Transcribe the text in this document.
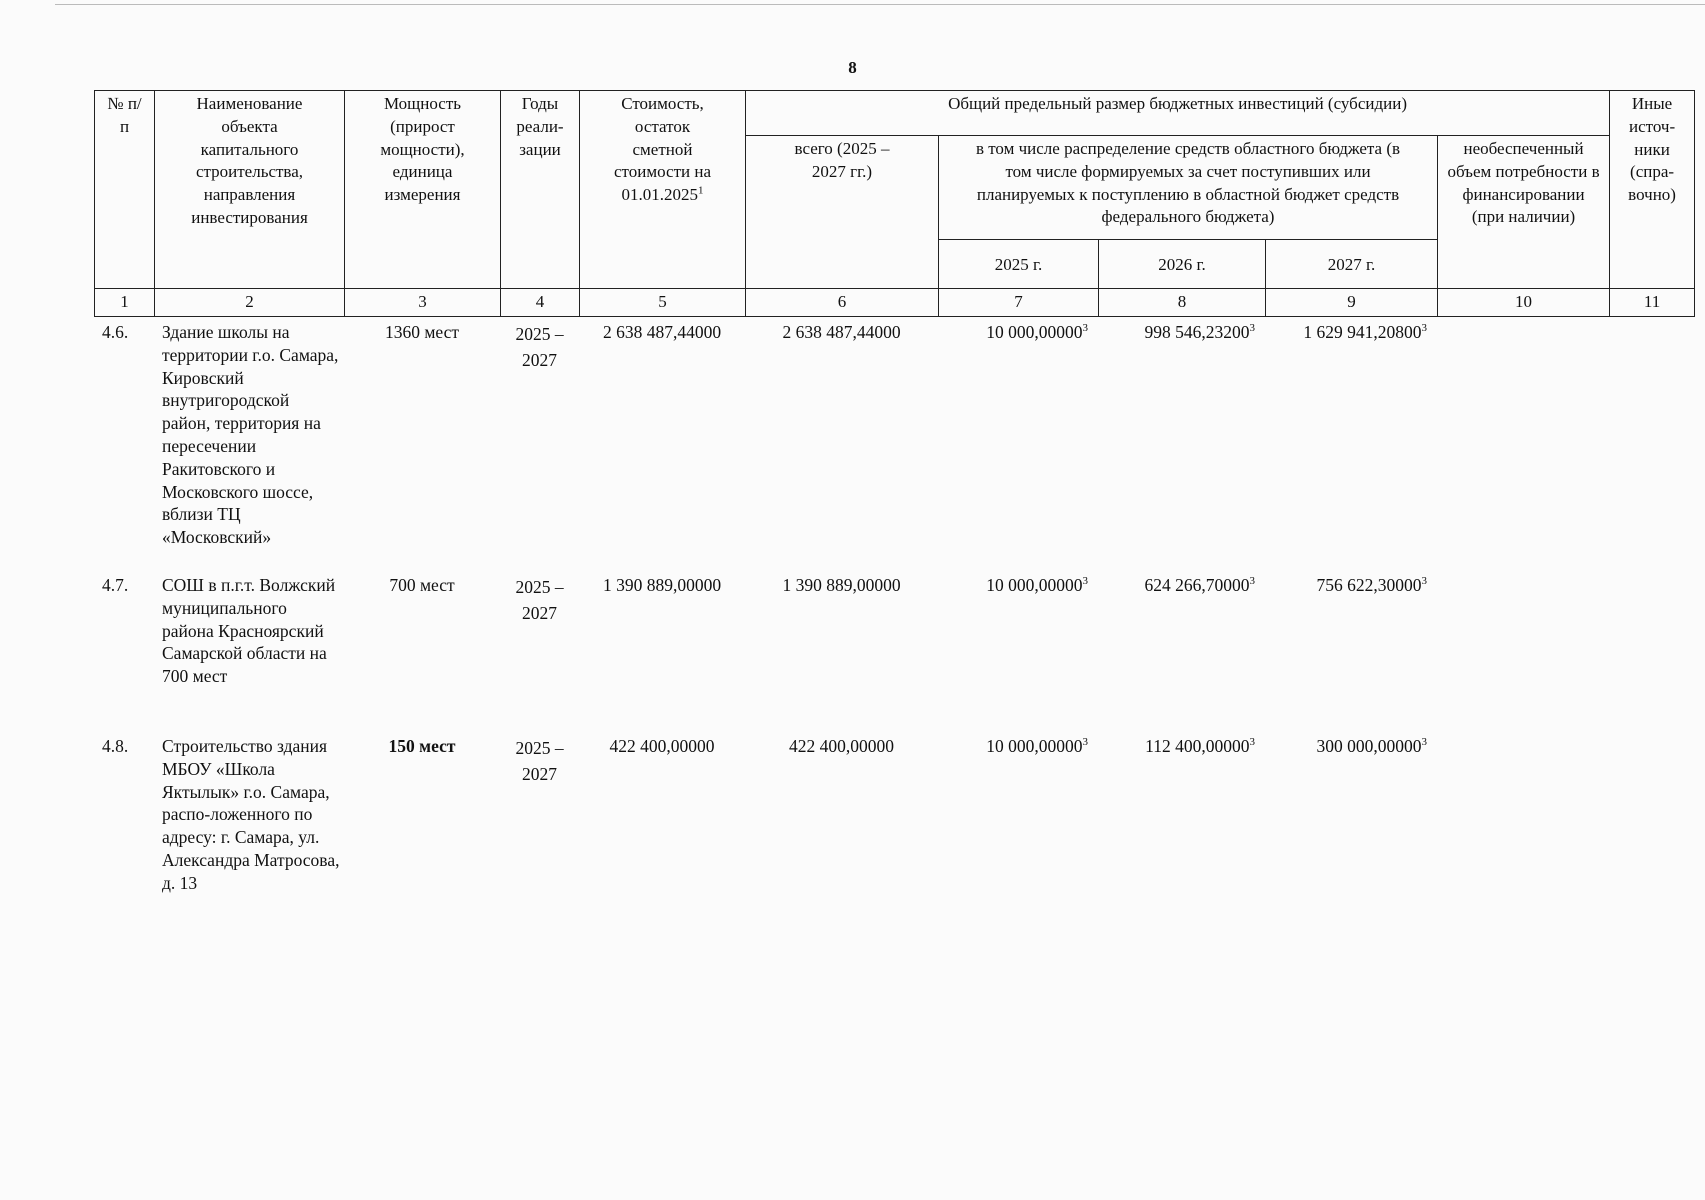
8
№ п/п	Наименование объекта капитального строительства, направления инвестирования	Мощность (прирост мощности), единица измерения	Годы реали-зации	Стоимость, остаток сметной стоимости на 01.01.2025$^1$	Общий предельный размер бюджетных инвестиций (субсидии)					Иные источ-ники (спра-вочно)
					всего (2025 – 2027 гг.)	в том числе распределение средств областного бюджета (в том числе формируемых за счет поступивших или планируемых к поступлению в областной бюджет средств федерального бюджета)			необеспеченный объем потребности в финансировании (при наличии)	
						2025 г.	2026 г.	2027 г.		
1	2	3	4	5	6	7	8	9	10	11
4.6.	Здание школы на территории г.о. Самара, Кировский внутригородской район, территория на пересечении Ракитовского и Московского шоссе, вблизи ТЦ «Московский»	1360 мест	2025 – 2027	2 638 487,44000	2 638 487,44000	10 000,00000$^3$	998 546,23200$^3$	1 629 941,20800$^3$		
4.7.	СОШ в п.г.т. Волжский муниципального района Красноярский Самарской области на 700 мест	700 мест	2025 – 2027	1 390 889,00000	1 390 889,00000	10 000,00000$^3$	624 266,70000$^3$	756 622,30000$^3$		
4.8.	Строительство здания МБОУ «Школа Яктылык» г.о. Самара, распо-ложенного по адресу: г. Самара, ул. Александра Матросова, д. 13	150 мест	2025 – 2027	422 400,00000	422 400,00000	10 000,00000$^3$	112 400,00000$^3$	300 000,00000$^3$		
